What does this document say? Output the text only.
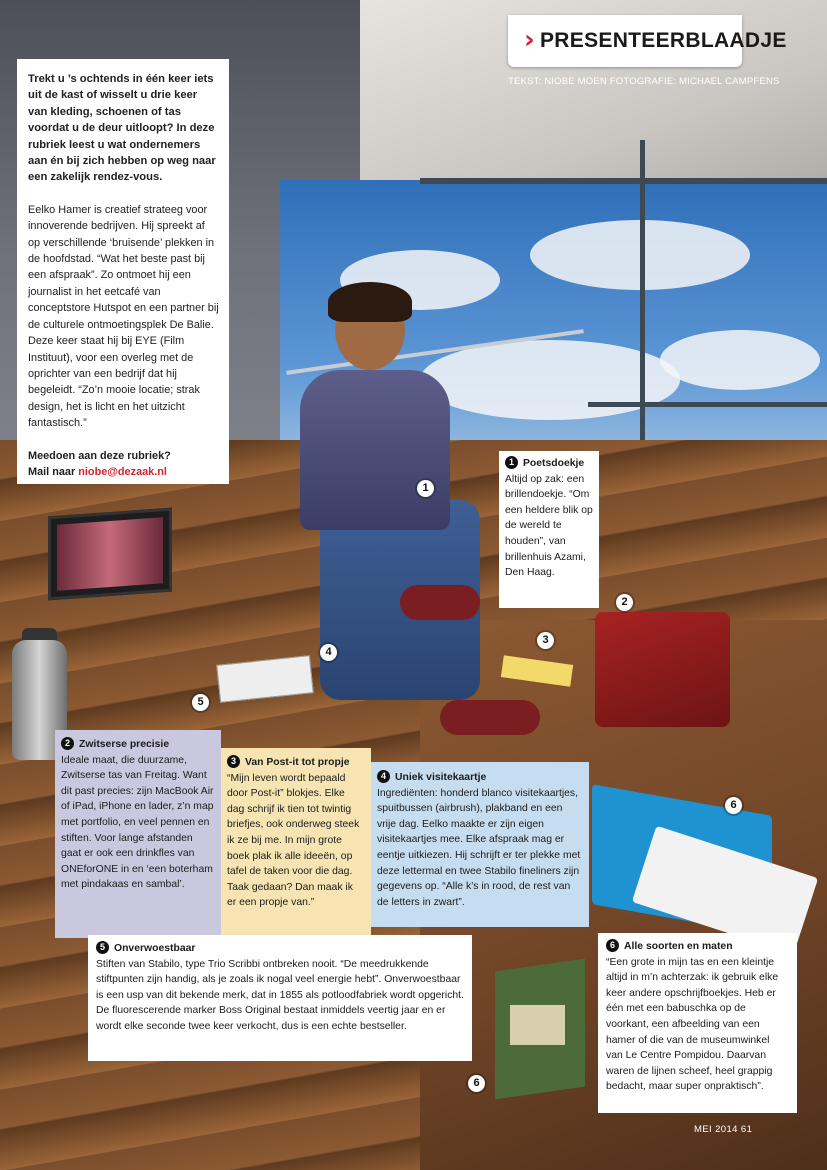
› PRESENTEERBLAADJE
TEKST: NIOBE MOEN FOTOGRAFIE: MICHAEL CAMPFENS

Trekt u ’s ochtends in één keer iets uit de kast of wisselt u drie keer van kleding, schoenen of tas voordat u de deur uitloopt? In deze rubriek leest u wat ondernemers aan én bij zich hebben op weg naar een zakelijk rendez-vous.

Eelko Hamer is creatief strateeg voor innoverende bedrijven. Hij spreekt af op verschillende ‘bruisende’ plekken in de hoofdstad. “Wat het beste past bij een afspraak”. Zo ontmoet hij een journalist in het eetcafé van conceptstore Hutspot en een partner bij de culturele ontmoetingsplek De Balie. Deze keer staat hij bij EYE (Film Instituut), voor een overleg met de oprichter van een bedrijf dat hij begeleidt. “Zo’n mooie locatie; strak design, het is licht en het uitzicht fantastisch.”

Meedoen aan deze rubriek?
Mail naar niobe@dezaak.nl

1 Poetsdoekje
Altijd op zak: een brillendoekje. “Om een heldere blik op de wereld te houden”, van brillenhuis Azami, Den Haag.
2 Zwitserse precisie
Ideale maat, die duurzame, Zwitserse tas van Freitag. Want dit past precies: zijn MacBook Air of iPad, iPhone en lader, z’n map met portfolio, en veel pennen en stiften. Voor lange afstanden gaat er ook een drinkfles van ONEforONE in en ‘een boterham met pindakaas en sambal’.
3 Van Post-it tot propje
“Mijn leven wordt bepaald door Post-it” blokjes. Elke dag schrijf ik tien tot twintig briefjes, ook onderweg steek ik ze bij me. In mijn grote boek plak ik alle ideeën, op tafel de taken voor die dag. Taak gedaan? Dan maak ik er een propje van.”
4 Uniek visitekaartje
Ingrediënten: honderd blanco visitekaartjes, spuitbussen (airbrush), plakband en een vrije dag. Eelko maakte er zijn eigen visitekaartjes mee. Elke afspraak mag er eentje uitkiezen. Hij schrijft er ter plekke met deze lettermal en twee Stabilo fineliners zijn gegevens op. “Alle k’s in rood, de rest van de letters in zwart”.
5 Onverwoestbaar
Stiften van Stabilo, type Trio Scribbi ontbreken nooit. “De meedrukkende stiftpunten zijn handig, als je zoals ik nogal veel energie hebt”. Onverwoestbaar is een usp van dit bekende merk, dat in 1855 als potloodfabriek wordt opgericht. De fluorescerende marker Boss Original bestaat inmiddels veertig jaar en er wordt elke seconde twee keer verkocht, dus is een echte bestseller.
6 Alle soorten en maten
“Een grote in mijn tas en een kleintje altijd in m’n achterzak: ik gebruik elke keer andere opschrijfboekjes. Heb er één met een babuschka op de voorkant, een afbeelding van een hamer of die van de museumwinkel van Le Centre Pompidou. Daarvan waren de lijnen scheef, heel grappig bedacht, maar super onpraktisch”.
1
2
3
4
5
6
6
MEI 2014 61
